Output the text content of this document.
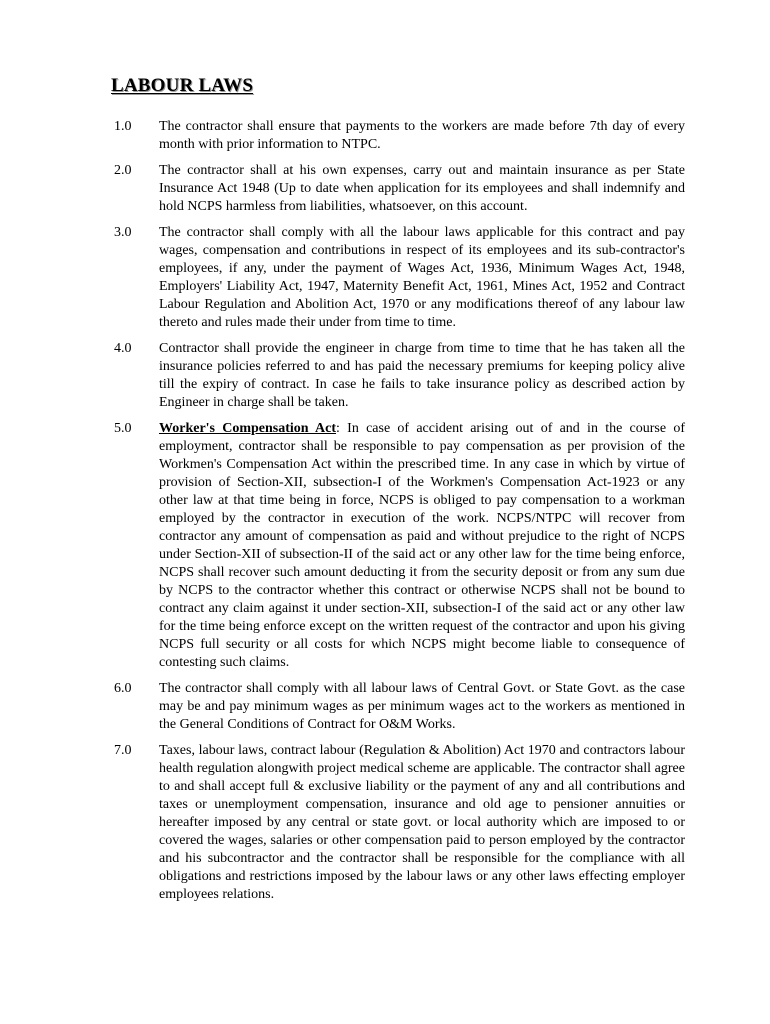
LABOUR LAWS
1.0 The contractor shall ensure that payments to the workers are made before 7th day of every month with prior information to NTPC.
2.0 The contractor shall at his own expenses, carry out and maintain insurance as per State Insurance Act 1948 (Up to date when application for its employees and shall indemnify and hold NCPS harmless from liabilities, whatsoever, on this account.
3.0 The contractor shall comply with all the labour laws applicable for this contract and pay wages, compensation and contributions in respect of its employees and its sub-contractor's employees, if any, under the payment of Wages Act, 1936, Minimum Wages Act, 1948, Employers' Liability Act, 1947, Maternity Benefit Act, 1961, Mines Act, 1952 and Contract Labour Regulation and Abolition Act, 1970 or any modifications thereof of any labour law thereto and rules made their under from time to time.
4.0 Contractor shall provide the engineer in charge from time to time that he has taken all the insurance policies referred to and has paid the necessary premiums for keeping policy alive till the expiry of contract. In case he fails to take insurance policy as described action by Engineer in charge shall be taken.
5.0 Worker's Compensation Act: In case of accident arising out of and in the course of employment, contractor shall be responsible to pay compensation as per provision of the Workmen's Compensation Act within the prescribed time. In any case in which by virtue of provision of Section-XII, subsection-I of the Workmen's Compensation Act-1923 or any other law at that time being in force, NCPS is obliged to pay compensation to a workman employed by the contractor in execution of the work. NCPS/NTPC will recover from contractor any amount of compensation as paid and without prejudice to the right of NCPS under Section-XII of subsection-II of the said act or any other law for the time being enforce, NCPS shall recover such amount deducting it from the security deposit or from any sum due by NCPS to the contractor whether this contract or otherwise NCPS shall not be bound to contract any claim against it under section-XII, subsection-I of the said act or any other law for the time being enforce except on the written request of the contractor and upon his giving NCPS full security or all costs for which NCPS might become liable to consequence of contesting such claims.
6.0 The contractor shall comply with all labour laws of Central Govt. or State Govt. as the case may be and pay minimum wages as per minimum wages act to the workers as mentioned in the General Conditions of Contract for O&M Works.
7.0 Taxes, labour laws, contract labour (Regulation & Abolition) Act 1970 and contractors labour health regulation alongwith project medical scheme are applicable. The contractor shall agree to and shall accept full & exclusive liability or the payment of any and all contributions and taxes or unemployment compensation, insurance and old age to pensioner annuities or hereafter imposed by any central or state govt. or local authority which are imposed to or covered the wages, salaries or other compensation paid to person employed by the contractor and his subcontractor and the contractor shall be responsible for the compliance with all obligations and restrictions imposed by the labour laws or any other laws effecting employer employees relations.
